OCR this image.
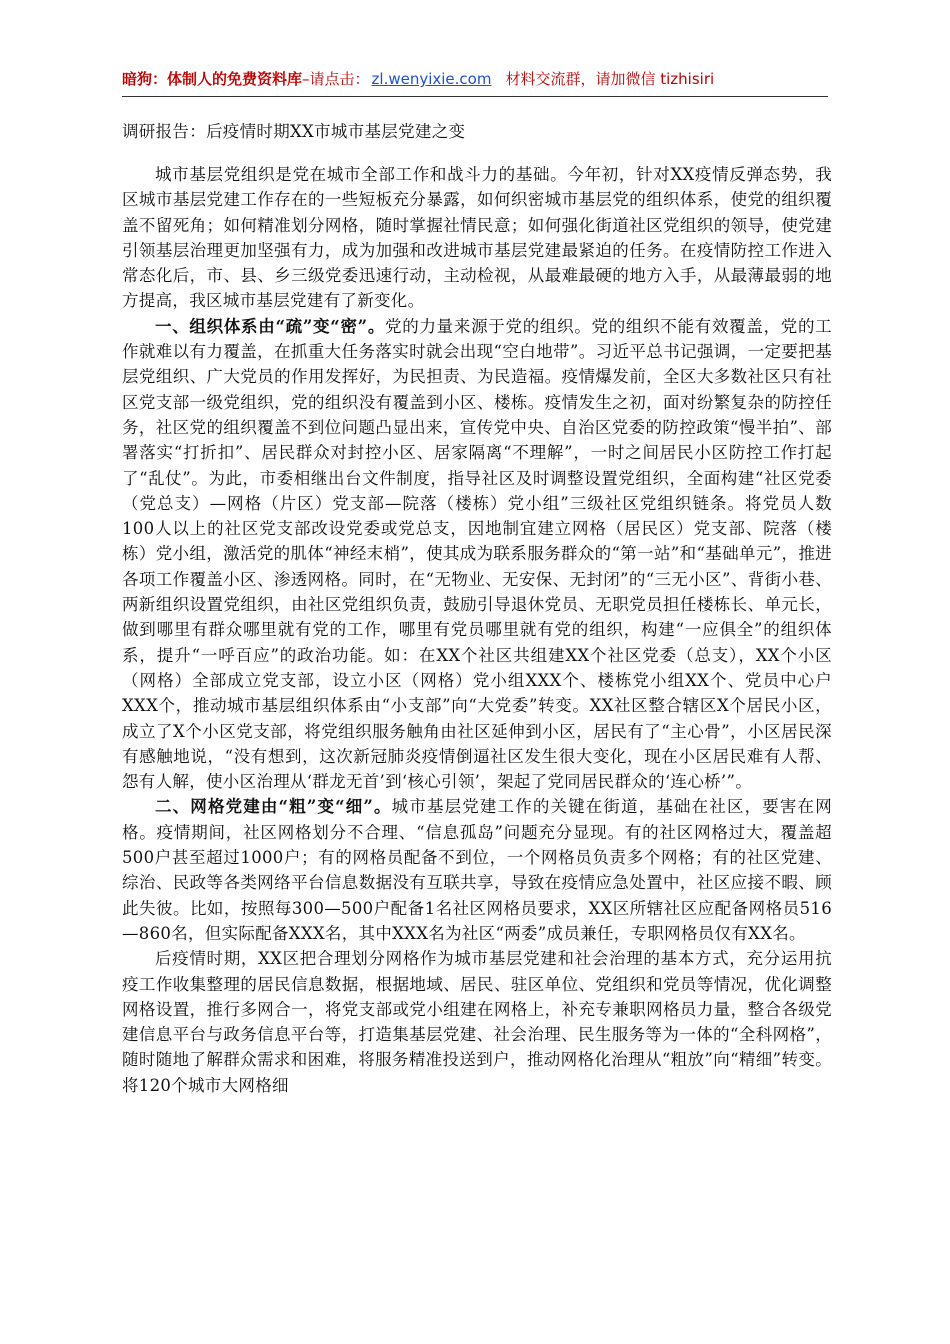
暗狗：体制人的免费资料库–请点击： zl.wenyixie.com 材料交流群，请加微信 tizhisiri
调研报告：后疫情时期XX市城市基层党建之变

城市基层党组织是党在城市全部工作和战斗力的基础。今年初，针对XX疫情反弹态势，我区城市基层党建工作存在的一些短板充分暴露，如何织密城市基层党的组织体系，使党的组织覆盖不留死角；如何精准划分网格，随时掌握社情民意；如何强化街道社区党组织的领导，使党建引领基层治理更加坚强有力，成为加强和改进城市基层党建最紧迫的任务。在疫情防控工作进入常态化后，市、县、乡三级党委迅速行动，主动检视，从最难最硬的地方入手，从最薄最弱的地方提高，我区城市基层党建有了新变化。

一、组织体系由“疏”变“密”。党的力量来源于党的组织。党的组织不能有效覆盖，党的工作就难以有力覆盖，在抓重大任务落实时就会出现“空白地带”。习近平总书记强调，一定要把基层党组织、广大党员的作用发挥好，为民担责、为民造福。疫情爆发前，全区大多数社区只有社区党支部一级党组织，党的组织没有覆盖到小区、楼栋。疫情发生之初，面对纷繁复杂的防控任务，社区党的组织覆盖不到位问题凸显出来，宣传党中央、自治区党委的防控政策“慢半拍”、部署落实“打折扣”、居民群众对封控小区、居家隔离“不理解”，一时之间居民小区防控工作打起了“乱仗”。为此，市委相继出台文件制度，指导社区及时调整设置党组织，全面构建“社区党委（党总支）—网格（片区）党支部—院落（楼栋）党小组”三级社区党组织链条。将党员人数100人以上的社区党支部改设党委或党总支，因地制宜建立网格（居民区）党支部、院落（楼栋）党小组，激活党的肌体“神经末梢”，使其成为联系服务群众的“第一站”和“基础单元”，推进各项工作覆盖小区、渗透网格。同时，在“无物业、无安保、无封闭”的“三无小区”、背街小巷、两新组织设置党组织，由社区党组织负责，鼓励引导退休党员、无职党员担任楼栋长、单元长，做到哪里有群众哪里就有党的工作，哪里有党员哪里就有党的组织，构建“一应俱全”的组织体系，提升“一呼百应”的政治功能。如：在XX个社区共组建XX个社区党委（总支），XX个小区（网格）全部成立党支部，设立小区（网格）党小组XXX个、楼栋党小组XX个、党员中心户XXX个，推动城市基层组织体系由“小支部”向“大党委”转变。XX社区整合辖区X个居民小区，成立了X个小区党支部，将党组织服务触角由社区延伸到小区，居民有了“主心骨”，小区居民深有感触地说，“没有想到，这次新冠肺炎疫情倒逼社区发生很大变化，现在小区居民难有人帮、怨有人解，使小区治理从‘群龙无首’到‘核心引领’，架起了党同居民群众的‘连心桥’”。

二、网格党建由“粗”变“细”。城市基层党建工作的关键在街道，基础在社区，要害在网格。疫情期间，社区网格划分不合理、“信息孤岛”问题充分显现。有的社区网格过大，覆盖超500户甚至超过1000户；有的网格员配备不到位，一个网格员负责多个网格；有的社区党建、综治、民政等各类网络平台信息数据没有互联共享，导致在疫情应急处置中，社区应接不暇、顾此失彼。比如，按照每300—500户配备1名社区网格员要求，XX区所辖社区应配备网格员516—860名，但实际配备XXX名，其中XXX名为社区“两委”成员兼任，专职网格员仅有XX名。

后疫情时期，XX区把合理划分网格作为城市基层党建和社会治理的基本方式，充分运用抗疫工作收集整理的居民信息数据，根据地域、居民、驻区单位、党组织和党员等情况，优化调整网格设置，推行多网合一，将党支部或党小组建在网格上，补充专兼职网格员力量，整合各级党建信息平台与政务信息平台等，打造集基层党建、社会治理、民生服务等为一体的“全科网格”，随时随地了解群众需求和困难，将服务精准投送到户，推动网格化治理从“粗放”向“精细”转变。将120个城市大网格细
